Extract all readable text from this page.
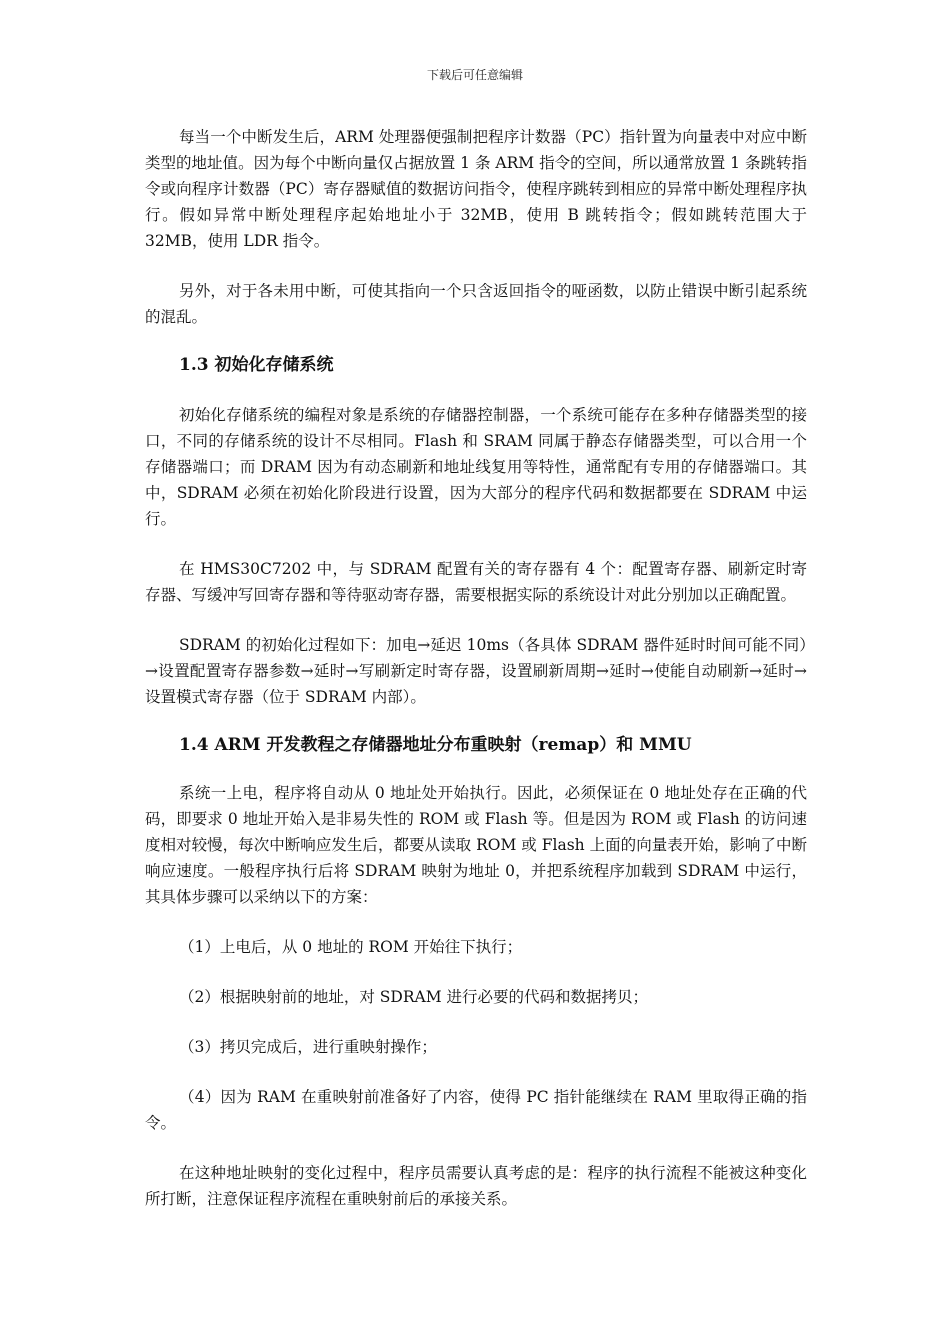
下载后可任意编辑

每当一个中断发生后，ARM 处理器便强制把程序计数器（PC）指针置为向量表中对应中断类型的地址值。因为每个中断向量仅占据放置 1 条 ARM 指令的空间，所以通常放置 1 条跳转指令或向程序计数器（PC）寄存器赋值的数据访问指令，使程序跳转到相应的异常中断处理程序执行。假如异常中断处理程序起始地址小于 32MB，使用 B 跳转指令；假如跳转范围大于 32MB，使用 LDR 指令。

另外，对于各未用中断，可使其指向一个只含返回指令的哑函数，以防止错误中断引起系统的混乱。

1.3 初始化存储系统

初始化存储系统的编程对象是系统的存储器控制器，一个系统可能存在多种存储器类型的接口，不同的存储系统的设计不尽相同。Flash 和 SRAM 同属于静态存储器类型，可以合用一个存储器端口；而 DRAM 因为有动态刷新和地址线复用等特性，通常配有专用的存储器端口。其中，SDRAM 必须在初始化阶段进行设置，因为大部分的程序代码和数据都要在 SDRAM 中运行。

在 HMS30C7202 中，与 SDRAM 配置有关的寄存器有 4 个：配置寄存器、刷新定时寄存器、写缓冲写回寄存器和等待驱动寄存器，需要根据实际的系统设计对此分别加以正确配置。

SDRAM 的初始化过程如下：加电→延迟 10ms（各具体 SDRAM 器件延时时间可能不同）→设置配置寄存器参数→延时→写刷新定时寄存器，设置刷新周期→延时→使能自动刷新→延时→设置模式寄存器（位于 SDRAM 内部）。

1.4 ARM 开发教程之存储器地址分布重映射（remap）和 MMU

系统一上电，程序将自动从 0 地址处开始执行。因此，必须保证在 0 地址处存在正确的代码，即要求 0 地址开始入是非易失性的 ROM 或 Flash 等。但是因为 ROM 或 Flash 的访问速度相对较慢，每次中断响应发生后，都要从读取 ROM 或 Flash 上面的向量表开始，影响了中断响应速度。一般程序执行后将 SDRAM 映射为地址 0，并把系统程序加载到 SDRAM 中运行，其具体步骤可以采纳以下的方案：

（1）上电后，从 0 地址的 ROM 开始往下执行；

（2）根据映射前的地址，对 SDRAM 进行必要的代码和数据拷贝；

（3）拷贝完成后，进行重映射操作；

（4）因为 RAM 在重映射前准备好了内容，使得 PC 指针能继续在 RAM 里取得正确的指令。

在这种地址映射的变化过程中，程序员需要认真考虑的是：程序的执行流程不能被这种变化所打断，注意保证程序流程在重映射前后的承接关系。
